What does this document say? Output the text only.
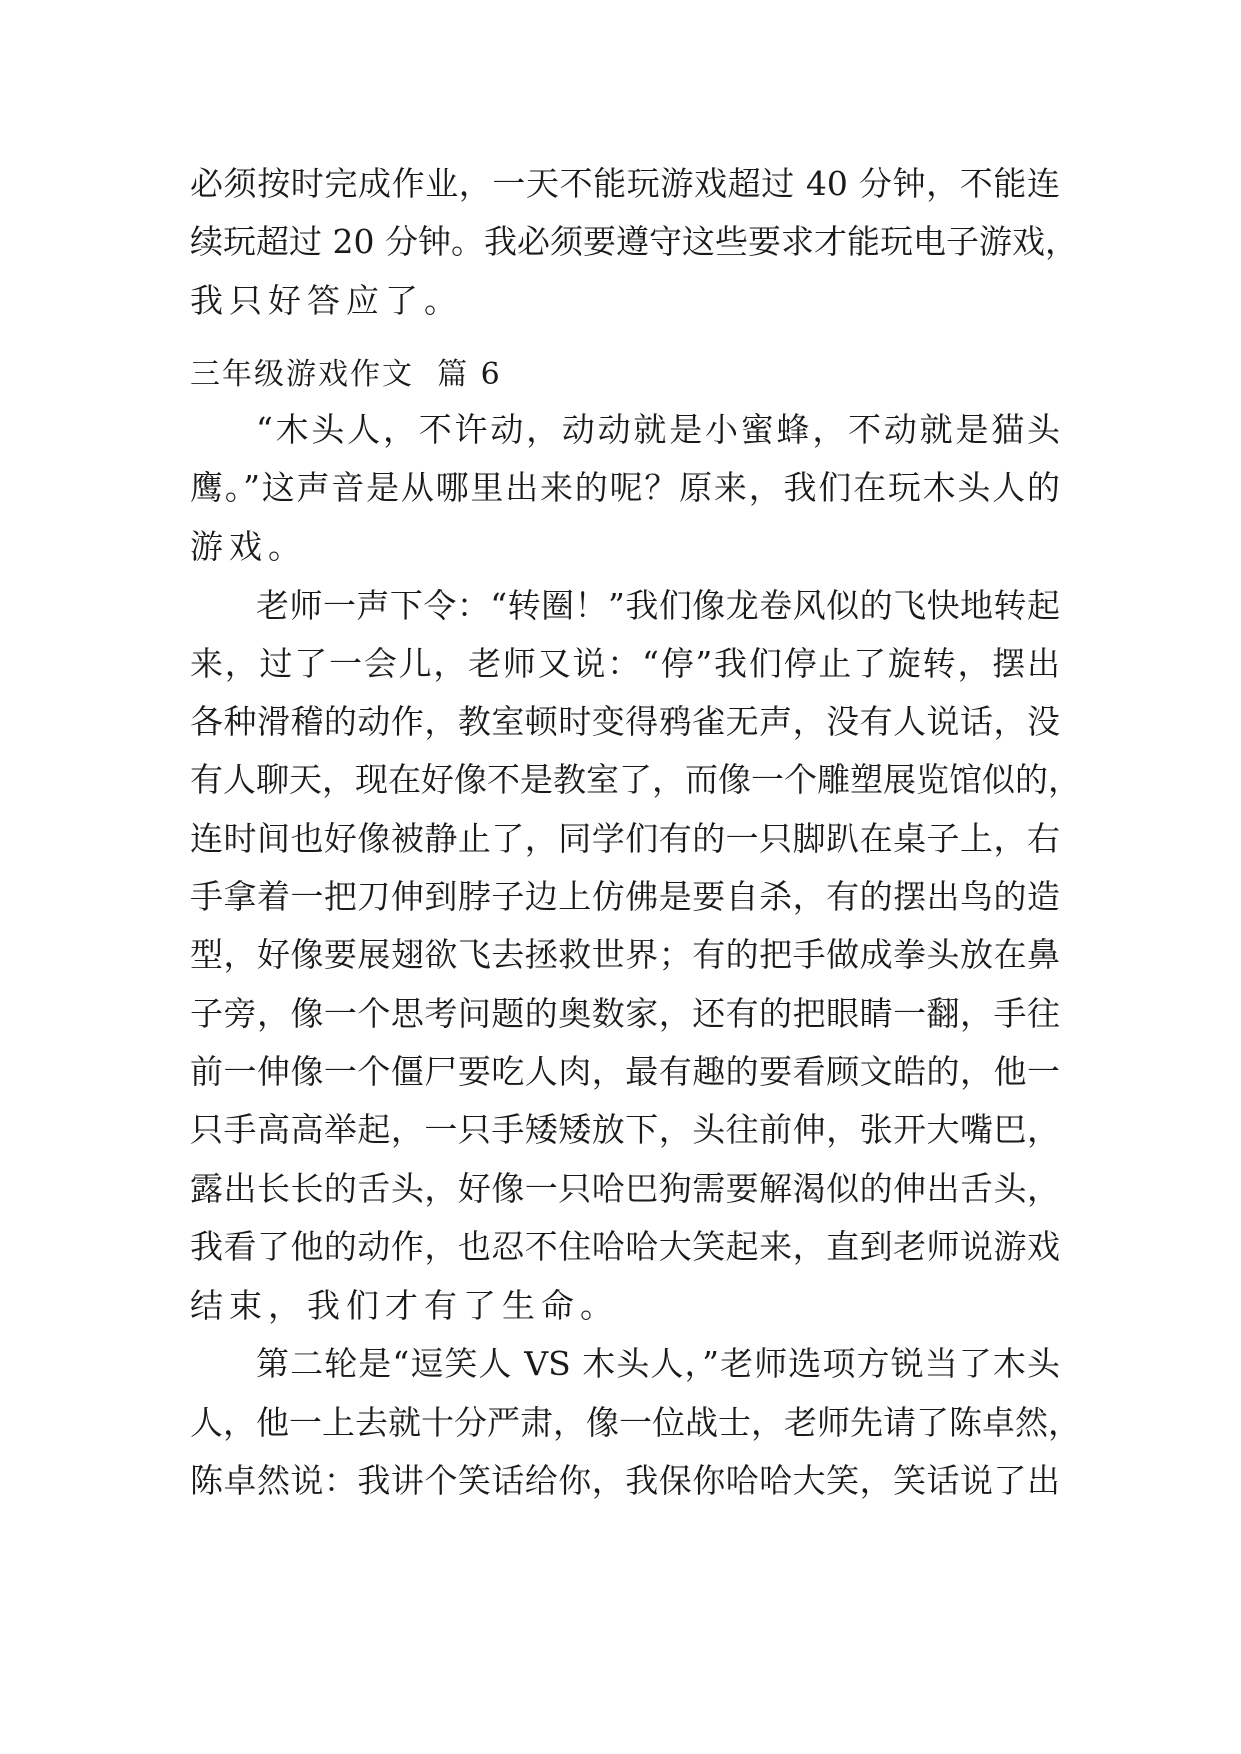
必须按时完成作业，一天不能玩游戏超过 40 分钟，不能连
续玩超过 20 分钟。我必须要遵守这些要求才能玩电子游戏，
我只好答应了。
三年级游戏作文  篇 6
“木头人，不许动，动动就是小蜜蜂，不动就是猫头
鹰。”这声音是从哪里出来的呢？原来，我们在玩木头人的
游戏。
老师一声下令：“转圈！”我们像龙卷风似的飞快地转起
来，过了一会儿，老师又说：“停”我们停止了旋转，摆出
各种滑稽的动作，教室顿时变得鸦雀无声，没有人说话，没
有人聊天，现在好像不是教室了，而像一个雕塑展览馆似的，
连时间也好像被静止了，同学们有的一只脚趴在桌子上，右
手拿着一把刀伸到脖子边上仿佛是要自杀，有的摆出鸟的造
型，好像要展翅欲飞去拯救世界；有的把手做成拳头放在鼻
子旁，像一个思考问题的奥数家，还有的把眼睛一翻，手往
前一伸像一个僵尸要吃人肉，最有趣的要看顾文皓的，他一
只手高高举起，一只手矮矮放下，头往前伸，张开大嘴巴，
露出长长的舌头，好像一只哈巴狗需要解渴似的伸出舌头，
我看了他的动作，也忍不住哈哈大笑起来，直到老师说游戏
结束，我们才有了生命。
第二轮是“逗笑人 VS 木头人，”老师选项方锐当了木头
人，他一上去就十分严肃，像一位战士，老师先请了陈卓然，
陈卓然说：我讲个笑话给你，我保你哈哈大笑，笑话说了出
